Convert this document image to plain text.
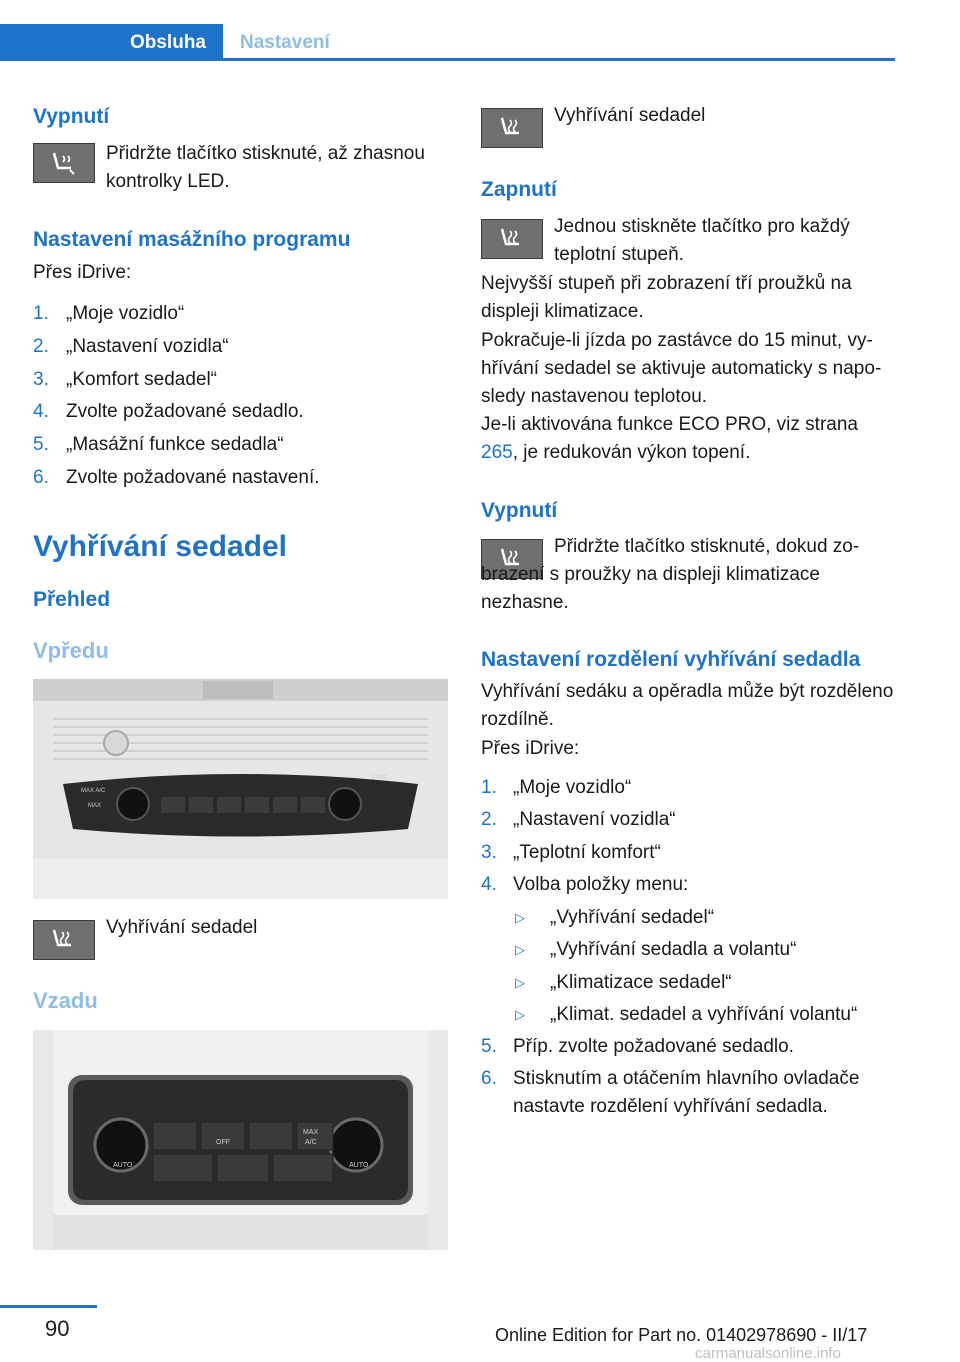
Obsluha	Nastavení
Vypnutí

Přidržte tlačítko stisknuté, až zhasnou kontrolky LED.

Nastavení masážního programu

Přes iDrive:

1. „Moje vozidlo“
2. „Nastavení vozidla“
3. „Komfort sedadel“
4. Zvolte požadované sedadlo.
5. „Masážní funkce sedadla“
6. Zvolte požadované nastavení.
Vyhřívání sedadel
Přehled
Vpředu
MAX A/C
SYNC
MAX

Vyhřívání sedadel

Vzadu
AUTO	AUTO
OFF
MAX
A/C

Vyhřívání sedadel

Zapnutí

Jednou stiskněte tlačítko pro každý teplotní stupeň.

Nejvyšší stupeň při zobrazení tří proužků na displeji klimatizace.

Pokračuje-li jízda po zastávce do 15 minut, vyhřívání sedadel se aktivuje automaticky s naposledy nastavenou teplotou.

Je-li aktivována funkce ECO PRO, viz strana 265, je redukován výkon topení.

Vypnutí

Přidržte tlačítko stisknuté, dokud zobrazení s proužky na displeji klimatizace nezhasne.

Nastavení rozdělení vyhřívání sedadla

Vyhřívání sedáku a opěradla může být rozděleno rozdílně.

Přes iDrive:

1. „Moje vozidlo“
2. „Nastavení vozidla“
3. „Teplotní komfort“
4. Volba položky menu:
▷ „Vyhřívání sedadel“
▷ „Vyhřívání sedadla a volantu“
▷ „Klimatizace sedadel“
▷ „Klimat. sedadel a vyhřívání volantu“
5. Příp. zvolte požadované sedadlo.
6. Stisknutím a otáčením hlavního ovladače nastavte rozdělení vyhřívání sedadla.
90	Online Edition for Part no. 01402978690 - II/17
carmanualsonline.info
